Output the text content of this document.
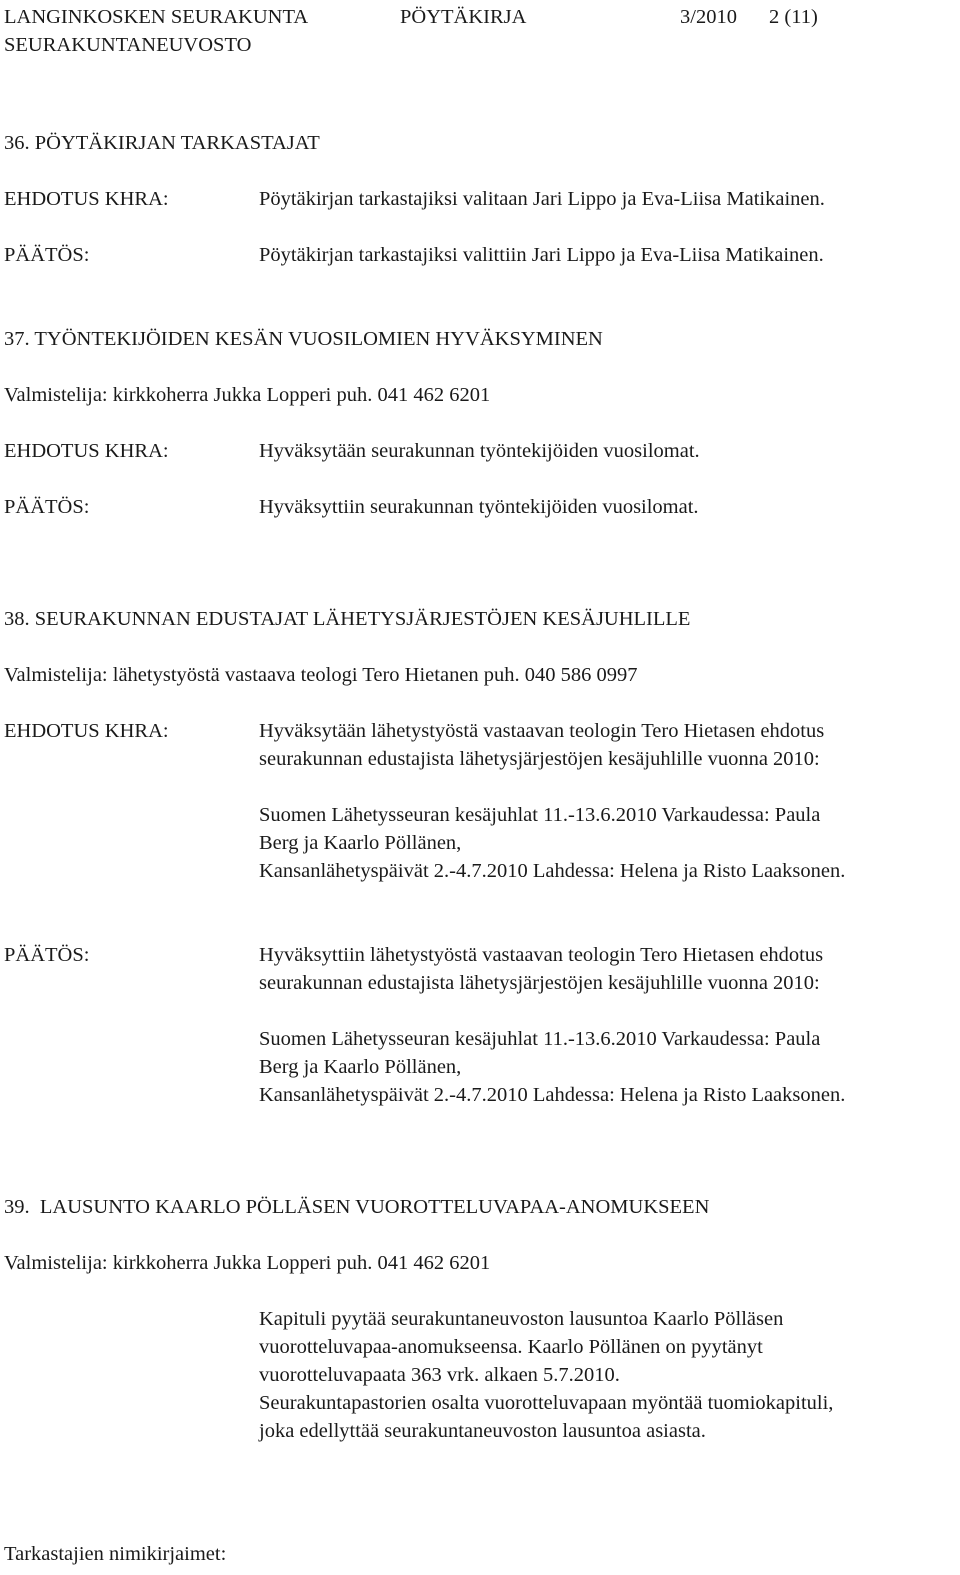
LANGINKOSKEN SEURAKUNTA	PÖYTÄKIRJA	3/2010 2 (11)
SEURAKUNTANEUVOSTO
36. PÖYTÄKIRJAN TARKASTAJAT
EHDOTUS KHRA:	Pöytäkirjan tarkastajiksi valitaan Jari Lippo ja Eva-Liisa Matikainen.
PÄÄTÖS:	Pöytäkirjan tarkastajiksi valittiin Jari Lippo ja Eva-Liisa Matikainen.
37. TYÖNTEKIJÖIDEN KESÄN VUOSILOMIEN HYVÄKSYMINEN
Valmistelija: kirkkoherra Jukka Lopperi puh. 041 462 6201
EHDOTUS KHRA:	Hyväksytään seurakunnan työntekijöiden vuosilomat.
PÄÄTÖS:	Hyväksyttiin seurakunnan työntekijöiden vuosilomat.
38. SEURAKUNNAN EDUSTAJAT LÄHETYSJÄRJESTÖJEN KESÄJUHLILLE
Valmistelija: lähetystyöstä vastaava teologi Tero Hietanen puh. 040 586 0997
EHDOTUS KHRA:	Hyväksytään lähetystyöstä vastaavan teologin Tero Hietasen ehdotus
seurakunnan edustajista lähetysjärjestöjen kesäjuhlille vuonna 2010:
Suomen Lähetysseuran kesäjuhlat 11.-13.6.2010 Varkaudessa: Paula
Berg ja Kaarlo Pöllänen,
Kansanlähetyspäivät 2.-4.7.2010 Lahdessa: Helena ja Risto Laaksonen.
PÄÄTÖS:	Hyväksyttiin lähetystyöstä vastaavan teologin Tero Hietasen ehdotus
seurakunnan edustajista lähetysjärjestöjen kesäjuhlille vuonna 2010:
Suomen Lähetysseuran kesäjuhlat 11.-13.6.2010 Varkaudessa: Paula
Berg ja Kaarlo Pöllänen,
Kansanlähetyspäivät 2.-4.7.2010 Lahdessa: Helena ja Risto Laaksonen.
39.  LAUSUNTO KAARLO PÖLLÄSEN VUOROTTELUVAPAA-ANOMUKSEEN
Valmistelija: kirkkoherra Jukka Lopperi puh. 041 462 6201
Kapituli pyytää seurakuntaneuvoston lausuntoa Kaarlo Pölläsen
vuorotteluvapaa-anomukseensa. Kaarlo Pöllänen on pyytänyt
vuorotteluvapaata 363 vrk. alkaen 5.7.2010.
Seurakuntapastorien osalta vuorotteluvapaan myöntää tuomiokapituli,
joka edellyttää seurakuntaneuvoston lausuntoa asiasta.
Tarkastajien nimikirjaimet:
